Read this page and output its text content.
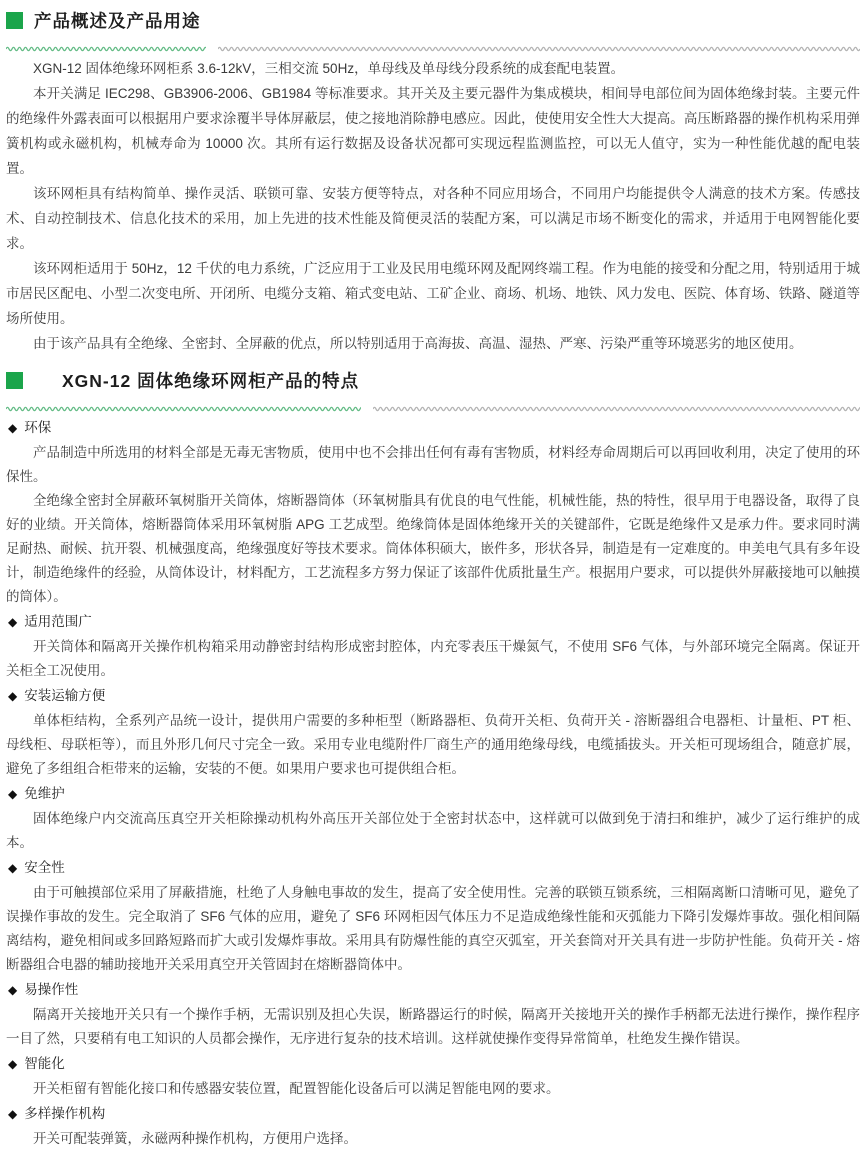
产品概述及产品用途

XGN-12 固体绝缘环网柜系 3.6-12kV，三相交流 50Hz，单母线及单母线分段系统的成套配电装置。

本开关满足 IEC298、GB3906-2006、GB1984 等标准要求。其开关及主要元器件为集成模块，相间导电部位间为固体绝缘封装。主要元件的绝缘件外露表面可以根据用户要求涂覆半导体屏蔽层，使之接地消除静电感应。因此，使使用安全性大大提高。高压断路器的操作机构采用弹簧机构或永磁机构，机械寿命为 10000 次。其所有运行数据及设备状况都可实现远程监测监控，可以无人值守，实为一种性能优越的配电装置。

该环网柜具有结构简单、操作灵活、联锁可靠、安装方便等特点，对各种不同应用场合，不同用户均能提供令人满意的技术方案。传感技术、自动控制技术、信息化技术的采用，加上先进的技术性能及简便灵活的装配方案，可以满足市场不断变化的需求，并适用于电网智能化要求。

该环网柜适用于 50Hz，12 千伏的电力系统，广泛应用于工业及民用电缆环网及配网终端工程。作为电能的接受和分配之用，特别适用于城市居民区配电、小型二次变电所、开闭所、电缆分支箱、箱式变电站、工矿企业、商场、机场、地铁、风力发电、医院、体育场、铁路、隧道等场所使用。

由于该产品具有全绝缘、全密封、全屏蔽的优点，所以特别适用于高海拔、高温、湿热、严寒、污染严重等环境恶劣的地区使用。

XGN-12 固体绝缘环网柜产品的特点
◆ 环保

产品制造中所选用的材料全部是无毒无害物质，使用中也不会排出任何有毒有害物质，材料经寿命周期后可以再回收利用，决定了使用的环保性。

全绝缘全密封全屏蔽环氧树脂开关筒体，熔断器筒体（环氧树脂具有优良的电气性能，机械性能，热的特性，很早用于电器设备，取得了良好的业绩。开关筒体，熔断器筒体采用环氧树脂 APG 工艺成型。绝缘筒体是固体绝缘开关的关键部件，它既是绝缘件又是承力件。要求同时满足耐热、耐候、抗开裂、机械强度高，绝缘强度好等技术要求。筒体体积硕大，嵌件多，形状各异，制造是有一定难度的。申美电气具有多年设计，制造绝缘件的经验，从筒体设计，材料配方，工艺流程多方努力保证了该部件优质批量生产。根据用户要求，可以提供外屏蔽接地可以触摸的筒体）。

◆ 适用范围广

开关筒体和隔离开关操作机构箱采用动静密封结构形成密封腔体，内充零表压干燥氮气，不使用 SF6 气体，与外部环境完全隔离。保证开关柜全工况使用。

◆ 安装运输方便

单体柜结构，全系列产品统一设计，提供用户需要的多种柜型（断路器柜、负荷开关柜、负荷开关 - 溶断器组合电器柜、计量柜、PT 柜、母线柜、母联柜等），而且外形几何尺寸完全一致。采用专业电缆附件厂商生产的通用绝缘母线，电缆插拔头。开关柜可现场组合，随意扩展，避免了多组组合柜带来的运输，安装的不便。如果用户要求也可提供组合柜。

◆ 免维护

固体绝缘户内交流高压真空开关柜除操动机构外高压开关部位处于全密封状态中，这样就可以做到免于清扫和维护，减少了运行维护的成本。

◆ 安全性

由于可触摸部位采用了屏蔽措施，杜绝了人身触电事故的发生，提高了安全使用性。完善的联锁互锁系统，三相隔离断口清晰可见，避免了误操作事故的发生。完全取消了 SF6 气体的应用，避免了 SF6 环网柜因气体压力不足造成绝缘性能和灭弧能力下降引发爆炸事故。强化相间隔离结构，避免相间或多回路短路而扩大或引发爆炸事故。采用具有防爆性能的真空灭弧室，开关套筒对开关具有进一步防护性能。负荷开关 - 熔断器组合电器的辅助接地开关采用真空开关管固封在熔断器筒体中。

◆ 易操作性

隔离开关接地开关只有一个操作手柄，无需识别及担心失误，断路器运行的时候，隔离开关接地开关的操作手柄都无法进行操作，操作程序一目了然，只要稍有电工知识的人员都会操作，无序进行复杂的技术培训。这样就使操作变得异常简单，杜绝发生操作错误。

◆ 智能化

开关柜留有智能化接口和传感器安装位置，配置智能化设备后可以满足智能电网的要求。

◆ 多样操作机构

开关可配装弹簧，永磁两种操作机构，方便用户选择。
